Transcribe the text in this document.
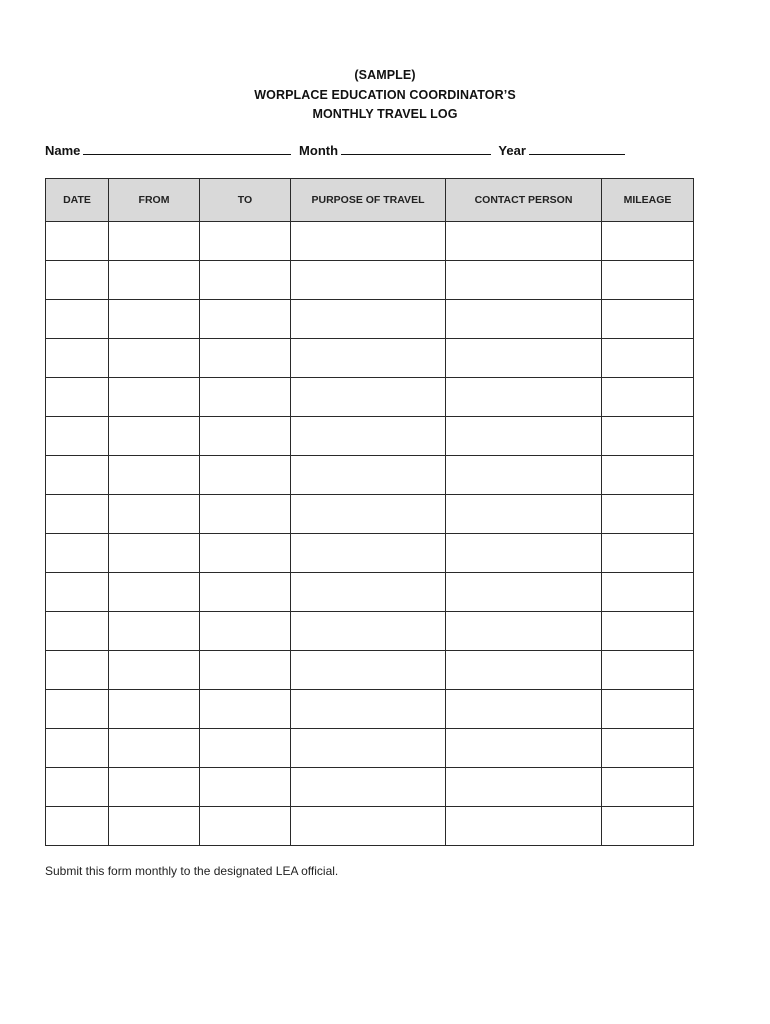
(SAMPLE)
WORPLACE EDUCATION COORDINATOR’S
MONTHLY TRAVEL LOG
Name	Month	Year
DATE	FROM	TO	PURPOSE OF TRAVEL	CONTACT PERSON	MILEAGE

Submit this form monthly to the designated LEA official.
